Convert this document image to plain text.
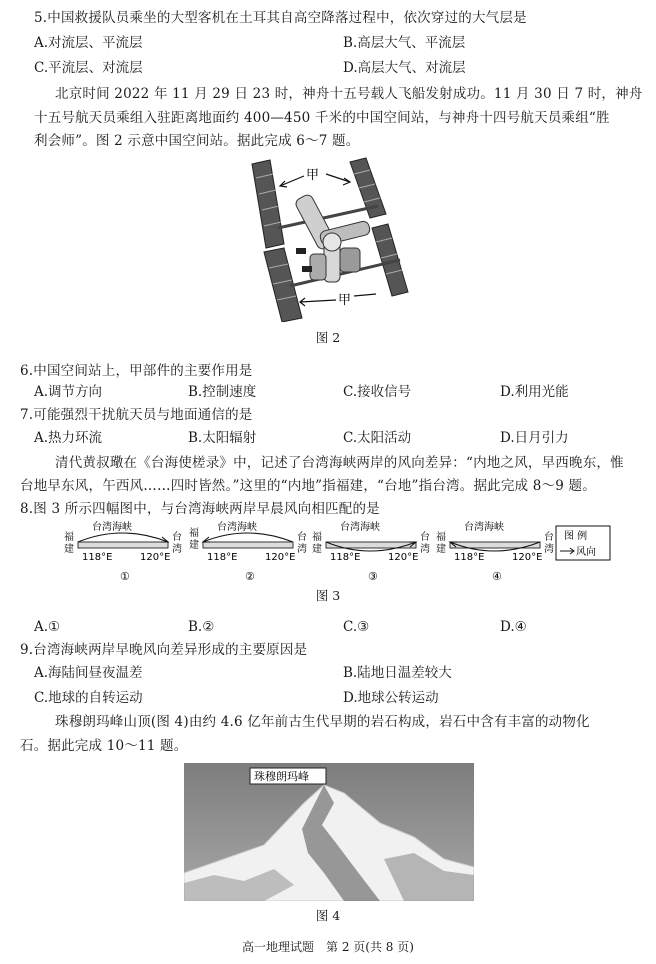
5.中国救援队员乘坐的大型客机在土耳其自高空降落过程中，依次穿过的大气层是
A.对流层、平流层	B.高层大气、平流层
C.平流层、对流层	D.高层大气、对流层
北京时间 2022 年 11 月 29 日 23 时，神舟十五号载人飞船发射成功。11 月 30 日 7 时，神舟
十五号航天员乘组入驻距离地面约 400—450 千米的中国空间站，与神舟十四号航天员乘组“胜
利会师”。图 2 示意中国空间站。据此完成 6～7 题。
甲
甲
图 2
6.中国空间站上，甲部件的主要作用是
A.调节方向	B.控制速度	C.接收信号	D.利用光能
7.可能强烈干扰航天员与地面通信的是
A.热力环流	B.太阳辐射	C.太阳活动	D.日月引力
清代黄叔璥在《台海使槎录》中，记述了台湾海峡两岸的风向差异：“内地之风，早西晚东，惟
台地早东风，午西风……四时皆然。”这里的“内地”指福建，“台地”指台湾。据此完成 8～9 题。
8.图 3 所示四幅图中，与台湾海峡两岸早晨风向相匹配的是
台湾海峡
福
建
台
湾
118°E	120°E
①
台湾海峡
福
建
台
湾
118°E	120°E
②
台湾海峡
福
建
台
湾
118°E	120°E
③
台湾海峡
福
建
台
湾
118°E	120°E
④
图 例
风向
图 3
A.①	B.②	C.③	D.④
9.台湾海峡两岸早晚风向差异形成的主要原因是
A.海陆间昼夜温差	B.陆地日温差较大
C.地球的自转运动	D.地球公转运动
珠穆朗玛峰山顶(图 4)由约 4.6 亿年前古生代早期的岩石构成，岩石中含有丰富的动物化
石。据此完成 10～11 题。
珠穆朗玛峰
图 4
高一地理试题　第 2 页(共 8 页)
